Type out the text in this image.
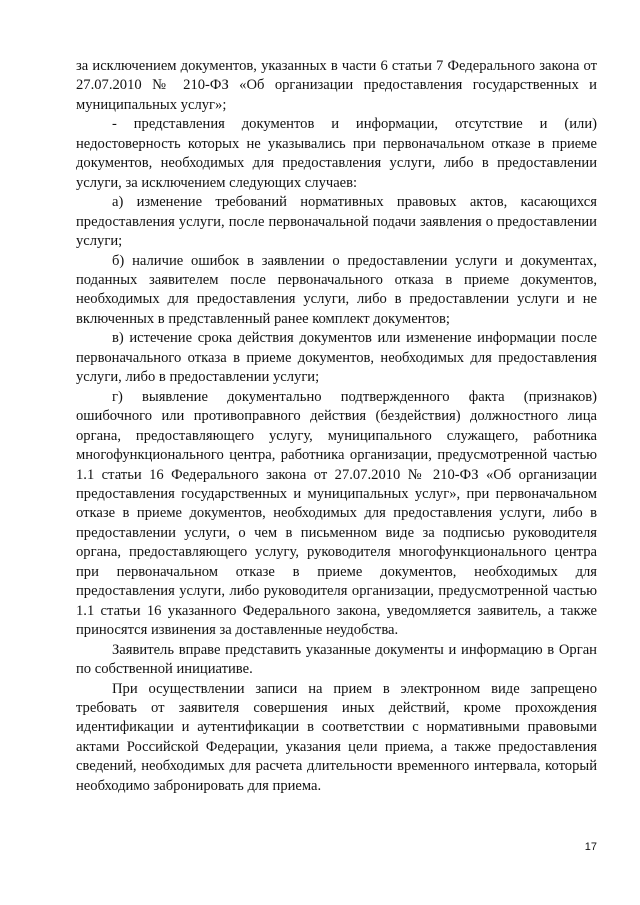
за исключением документов, указанных в части 6 статьи 7 Федерального закона от 27.07.2010 № 210-ФЗ «Об организации предоставления государственных и муниципальных услуг»;

- представления документов и информации, отсутствие и (или) недостоверность которых не указывались при первоначальном отказе в приеме документов, необходимых для предоставления услуги, либо в предоставлении услуги, за исключением следующих случаев:

а) изменение требований нормативных правовых актов, касающихся предоставления услуги, после первоначальной подачи заявления о предоставлении услуги;

б) наличие ошибок в заявлении о предоставлении услуги и документах, поданных заявителем после первоначального отказа в приеме документов, необходимых для предоставления услуги, либо в предоставлении услуги и не включенных в представленный ранее комплект документов;

в) истечение срока действия документов или изменение информации после первоначального отказа в приеме документов, необходимых для предоставления услуги, либо в предоставлении услуги;

г) выявление документально подтвержденного факта (признаков) ошибочного или противоправного действия (бездействия) должностного лица органа, предоставляющего услугу, муниципального служащего, работника многофункционального центра, работника организации, предусмотренной частью 1.1 статьи 16 Федерального закона от 27.07.2010 № 210-ФЗ «Об организации предоставления государственных и муниципальных услуг», при первоначальном отказе в приеме документов, необходимых для предоставления услуги, либо в предоставлении услуги, о чем в письменном виде за подписью руководителя органа, предоставляющего услугу, руководителя многофункционального центра при первоначальном отказе в приеме документов, необходимых для предоставления услуги, либо руководителя организации, предусмотренной частью 1.1 статьи 16 указанного Федерального закона, уведомляется заявитель, а также приносятся извинения за доставленные неудобства.

Заявитель вправе представить указанные документы и информацию в Орган по собственной инициативе.

При осуществлении записи на прием в электронном виде запрещено требовать от заявителя совершения иных действий, кроме прохождения идентификации и аутентификации в соответствии с нормативными правовыми актами Российской Федерации, указания цели приема, а также предоставления сведений, необходимых для расчета длительности временного интервала, который необходимо забронировать для приема.

17
